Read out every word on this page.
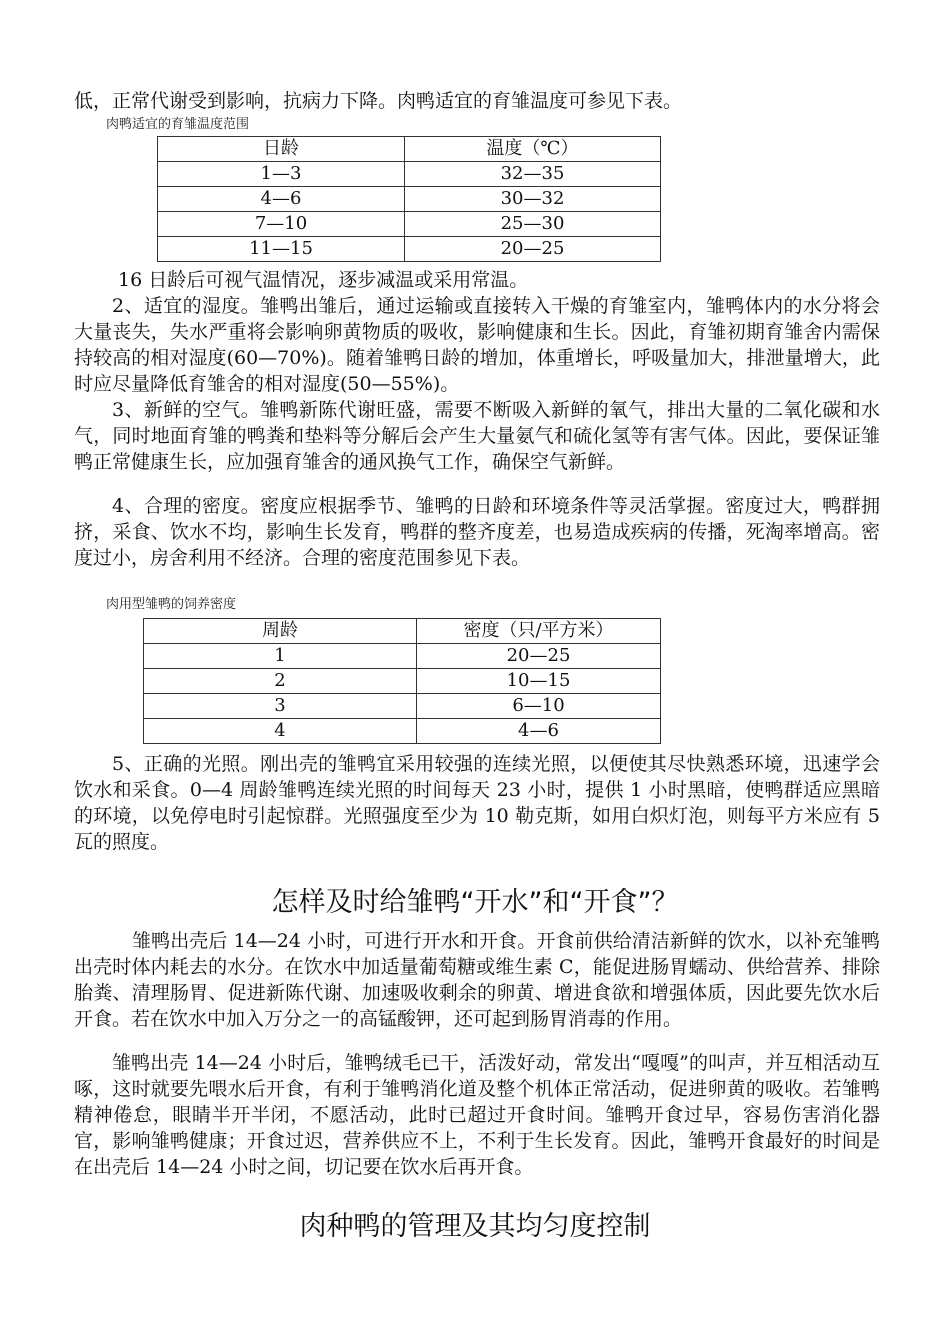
低，正常代谢受到影响，抗病力下降。肉鸭适宜的育雏温度可参见下表。
肉鸭适宜的育雏温度范围
日龄	温度（℃）
1—3	32—35
4—6	30—32
7—10	25—30
11—15	20—25
16 日龄后可视气温情况，逐步减温或采用常温。

2、适宜的湿度。雏鸭出雏后，通过运输或直接转入干燥的育雏室内，雏鸭体内的水分将会大量丧失，失水严重将会影响卵黄物质的吸收，影响健康和生长。因此，育雏初期育雏舍内需保持较高的相对湿度(60—70%)。随着雏鸭日龄的增加，体重增长，呼吸量加大，排泄量增大，此时应尽量降低育雏舍的相对湿度(50—55%)。

3、新鲜的空气。雏鸭新陈代谢旺盛，需要不断吸入新鲜的氧气，排出大量的二氧化碳和水气，同时地面育雏的鸭粪和垫料等分解后会产生大量氨气和硫化氢等有害气体。因此，要保证雏鸭正常健康生长，应加强育雏舍的通风换气工作，确保空气新鲜。

4、合理的密度。密度应根据季节、雏鸭的日龄和环境条件等灵活掌握。密度过大，鸭群拥挤，采食、饮水不均，影响生长发育，鸭群的整齐度差，也易造成疾病的传播，死淘率增高。密度过小，房舍利用不经济。合理的密度范围参见下表。

肉用型雏鸭的饲养密度
周龄	密度（只/平方米）
1	20—25
2	10—15
3	6—10
4	4—6

5、正确的光照。刚出壳的雏鸭宜采用较强的连续光照，以便使其尽快熟悉环境，迅速学会饮水和采食。0—4 周龄雏鸭连续光照的时间每天 23 小时，提供 1 小时黑暗，使鸭群适应黑暗的环境，以免停电时引起惊群。光照强度至少为 10 勒克斯，如用白炽灯泡，则每平方米应有 5 瓦的照度。

怎样及时给雏鸭“开水”和“开食”？

雏鸭出壳后 14—24 小时，可进行开水和开食。开食前供给清洁新鲜的饮水，以补充雏鸭出壳时体内耗去的水分。在饮水中加适量葡萄糖或维生素 C，能促进肠胃蠕动、供给营养、排除胎粪、清理肠胃、促进新陈代谢、加速吸收剩余的卵黄、增进食欲和增强体质，因此要先饮水后开食。若在饮水中加入万分之一的高锰酸钾，还可起到肠胃消毒的作用。

雏鸭出壳 14—24 小时后，雏鸭绒毛已干，活泼好动，常发出“嘎嘎”的叫声，并互相活动互啄，这时就要先喂水后开食，有利于雏鸭消化道及整个机体正常活动，促进卵黄的吸收。若雏鸭精神倦怠，眼睛半开半闭，不愿活动，此时已超过开食时间。雏鸭开食过早，容易伤害消化器官，影响雏鸭健康；开食过迟，营养供应不上，不利于生长发育。因此，雏鸭开食最好的时间是在出壳后 14—24 小时之间，切记要在饮水后再开食。

肉种鸭的管理及其均匀度控制
